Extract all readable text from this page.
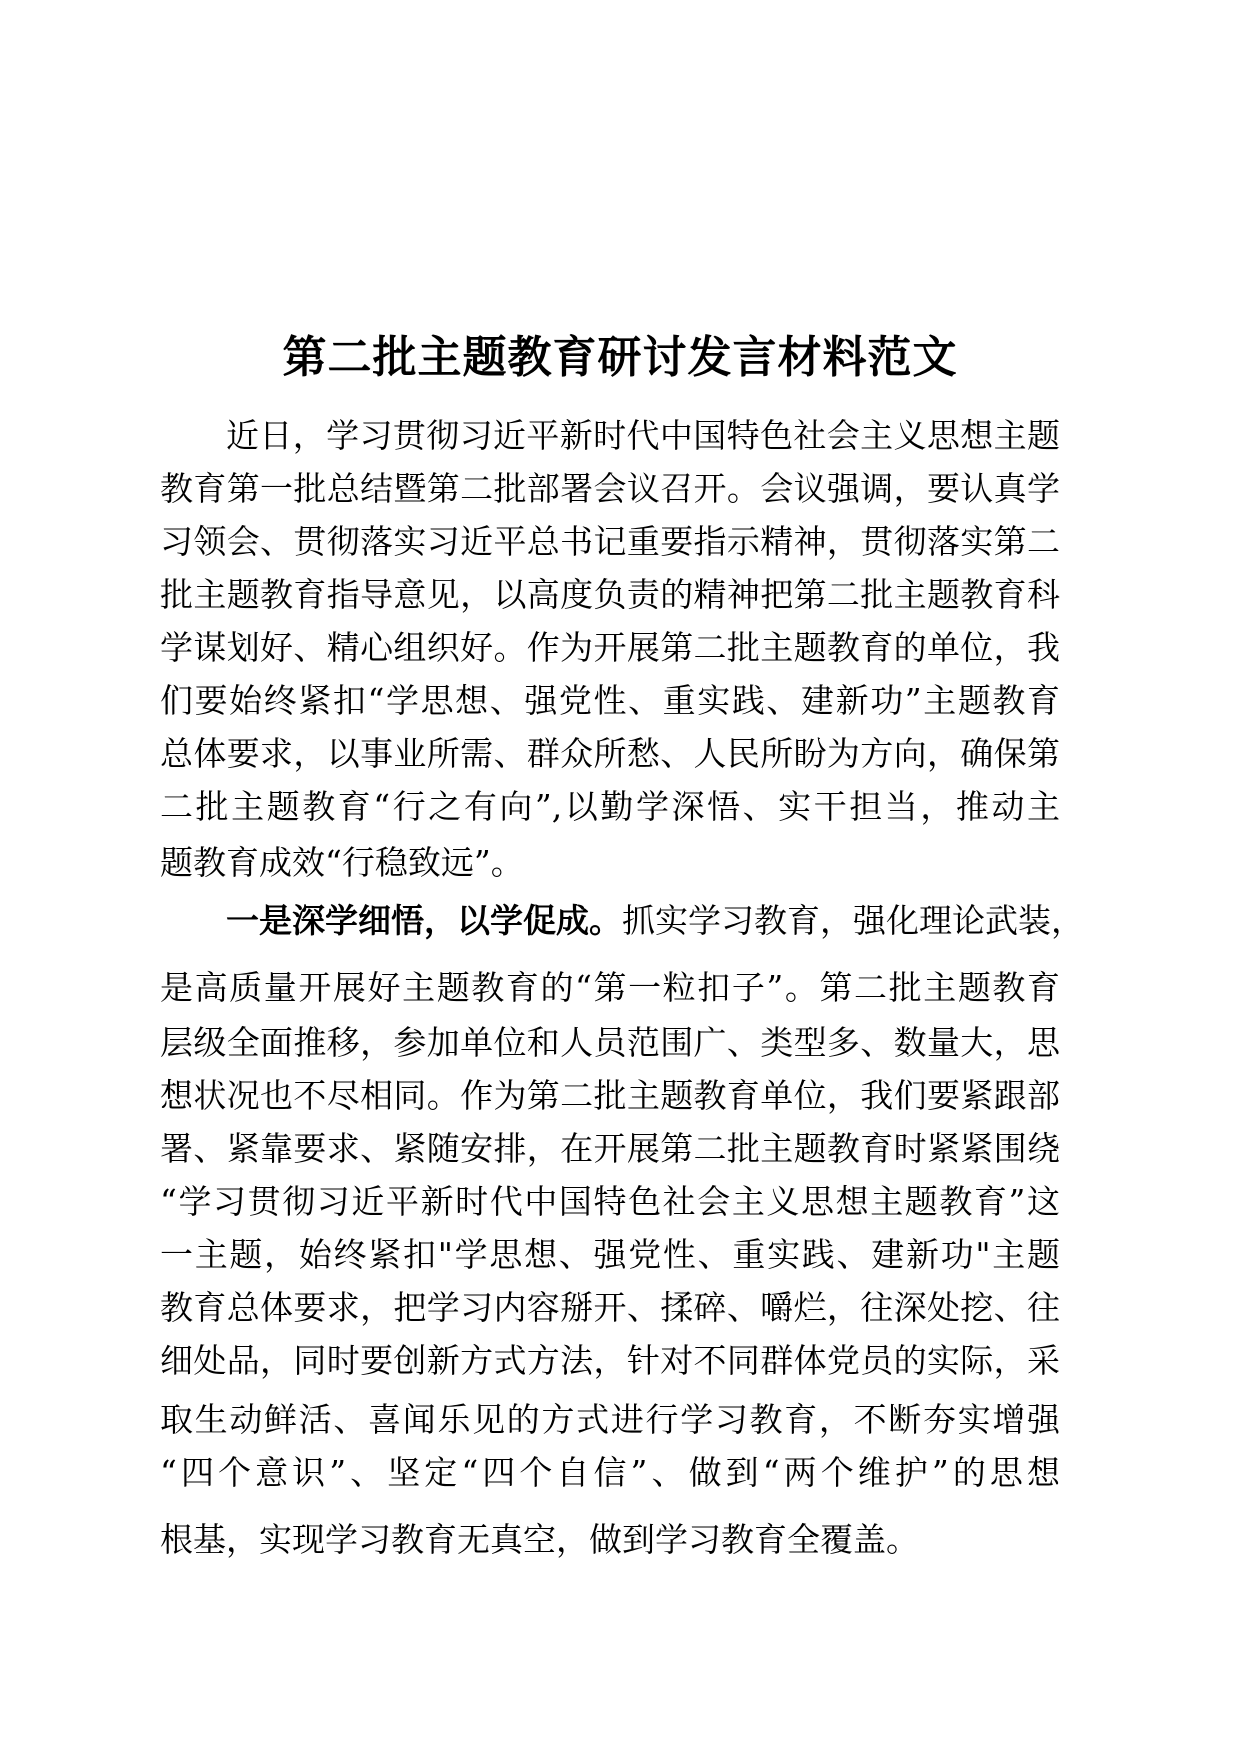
第二批主题教育研讨发言材料范文
近日，学习贯彻习近平新时代中国特色社会主义思想主题
教育第一批总结暨第二批部署会议召开。会议强调，要认真学
习领会、贯彻落实习近平总书记重要指示精神，贯彻落实第二
批主题教育指导意见，以高度负责的精神把第二批主题教育科
学谋划好、精心组织好。作为开展第二批主题教育的单位，我
们要始终紧扣“学思想、强党性、重实践、建新功”主题教育
总体要求，以事业所需、群众所愁、人民所盼为方向，确保第
二批主题教育“行之有向”,以勤学深悟、实干担当，推动主
题教育成效“行稳致远”。
一是深学细悟，以学促成。抓实学习教育，强化理论武装，
是高质量开展好主题教育的“第一粒扣子”。第二批主题教育
层级全面推移，参加单位和人员范围广、类型多、数量大，思
想状况也不尽相同。作为第二批主题教育单位，我们要紧跟部
署、紧靠要求、紧随安排，在开展第二批主题教育时紧紧围绕
“学习贯彻习近平新时代中国特色社会主义思想主题教育”这
一主题，始终紧扣"学思想、强党性、重实践、建新功"主题
教育总体要求，把学习内容掰开、揉碎、嚼烂，往深处挖、往
细处品，同时要创新方式方法，针对不同群体党员的实际，采
取生动鲜活、喜闻乐见的方式进行学习教育，不断夯实增强
“四个意识”、坚定“四个自信”、做到“两个维护”的思想
根基，实现学习教育无真空，做到学习教育全覆盖。
